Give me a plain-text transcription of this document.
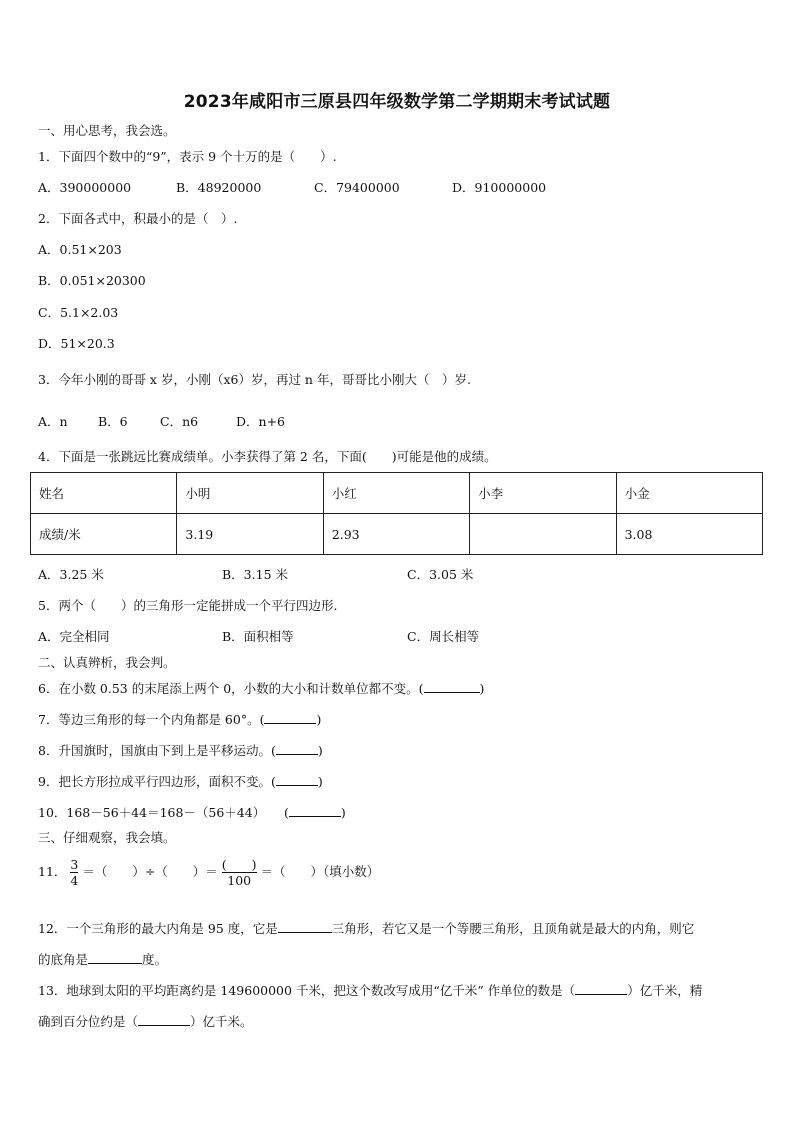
2023年咸阳市三原县四年级数学第二学期期末考试试题
一、用心思考，我会选。
1．下面四个数中的“9”，表示 9 个十万的是（　　）.
A．390000000	B．48920000	C．79400000	D．910000000
2．下面各式中，积最小的是（　）.
A．0.51×203
B．0.051×20300
C．5.1×2.03
D．51×20.3
3．今年小刚的哥哥 x 岁，小刚（x6）岁，再过 n 年，哥哥比小刚大（　）岁.
A．n B．6	C．n6	D．n+6
4．下面是一张跳远比赛成绩单。小李获得了第 2 名，下面(　　)可能是他的成绩。
姓名	小明	小红	小李	小金
成绩/米	3.19	2.93		3.08
A．3.25 米	B．3.15 米	C．3.05 米
5．两个（　　）的三角形一定能拼成一个平行四边形.
A．完全相同	B．面积相等	C．周长相等
二、认真辨析，我会判。
6．在小数 0.53 的末尾添上两个 0，小数的大小和计数单位都不变。(	)
7．等边三角形的每一个内角都是 60°。(	)
8．升国旗时，国旗由下到上是平移运动。(	)
9．把长方形拉成平行四边形，面积不变。(	)
10．168－56＋44＝168－（56＋44）　　(	)
三、仔细观察，我会填。
11． $\frac{3}{4}$ ＝（　　）÷（　　）＝ $\frac{( )}{100}$ ＝（　　）（填小数）
12．一个三角形的最大内角是 95 度，它是	三角形，若它又是一个等腰三角形，且顶角就是最大的内角，则它
的底角是	度。
13．地球到太阳的平均距离约是 149600000 千米，把这个数改写成用“亿千米” 作单位的数是（	）亿千米，精
确到百分位约是（	）亿千米。
